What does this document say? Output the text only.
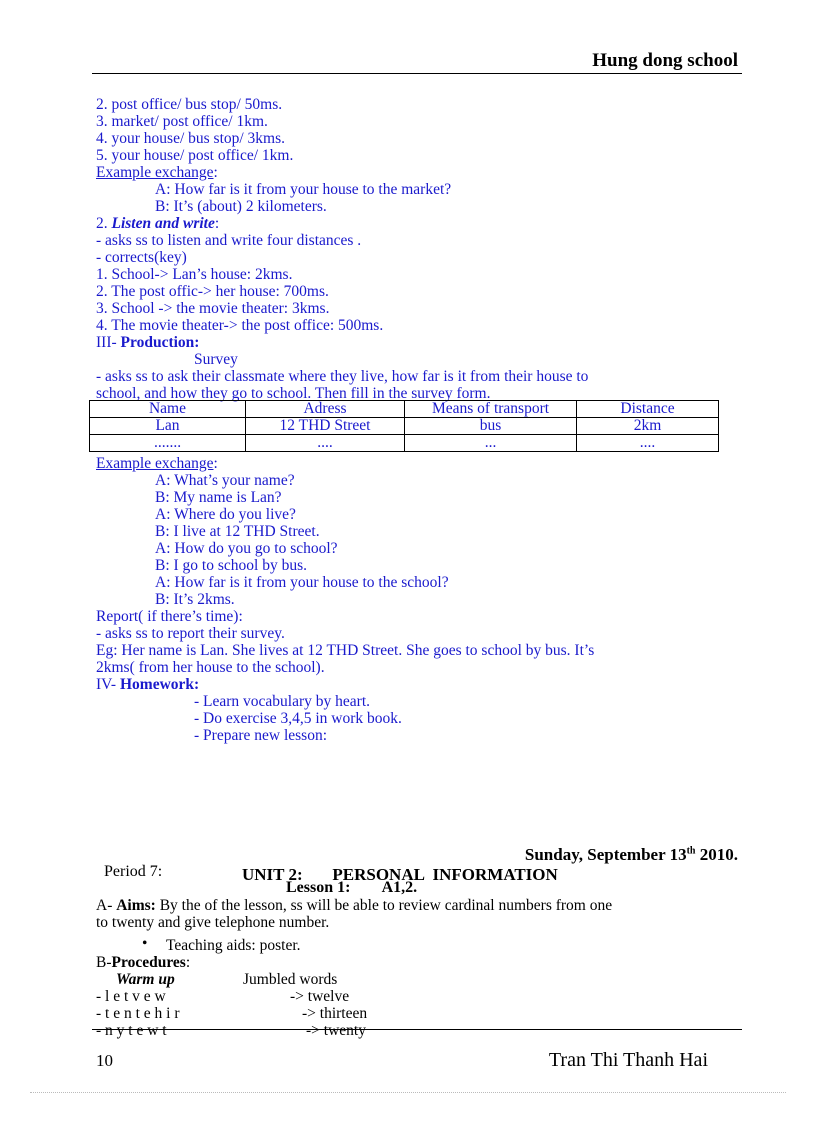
Hung dong school
2. post office/ bus stop/ 50ms.
3. market/ post office/ 1km.
4. your house/ bus stop/ 3kms.
5. your house/ post office/ 1km.
Example exchange:
A: How far is it from your house to the market?
B: It’s (about) 2 kilometers.
2. Listen and write:
- asks ss to listen and write four distances .
- corrects(key)
1. School-> Lan’s house: 2kms.
2. The post offic-> her house: 700ms.
3. School -> the movie theater: 3kms.
4. The movie theater-> the post office: 500ms.
III- Production:
Survey
- asks ss to ask their classmate where they live, how far is it from their house to
school, and how they go to school. Then fill in the survey form.
Name	Adress	Means of transport	Distance
Lan	12 THD Street	bus	2km
.......	....	...	....
Example exchange:
A: What’s your name?
B: My name is Lan?
A: Where do you live?
B: I live at 12 THD Street.
A: How do you go to school?
B: I go to school by bus.
A: How far is it from your house to the school?
B: It’s 2kms.
Report( if there’s time):
- asks ss to report their survey.
Eg: Her name is Lan. She lives at 12 THD Street. She goes to school by bus. It’s
2kms( from her house to the school).
IV- Homework:
- Learn vocabulary by heart.
- Do exercise 3,4,5 in work book.
- Prepare new lesson:
Sunday, September 13th 2010.
Period 7:	UNIT 2:       PERSONAL  INFORMATION
Lesson 1:        A1,2.
A- Aims: By the of the lesson, ss will be able to review cardinal numbers from one
to twenty and give telephone number.
• Teaching aids: poster.
B-Procedures:
Warm up	Jumbled words
- l e t v e w	-> twelve
- t e n t e h i r	-> thirteen
- n y t e w t	-> twenty
10	Tran Thi Thanh Hai
